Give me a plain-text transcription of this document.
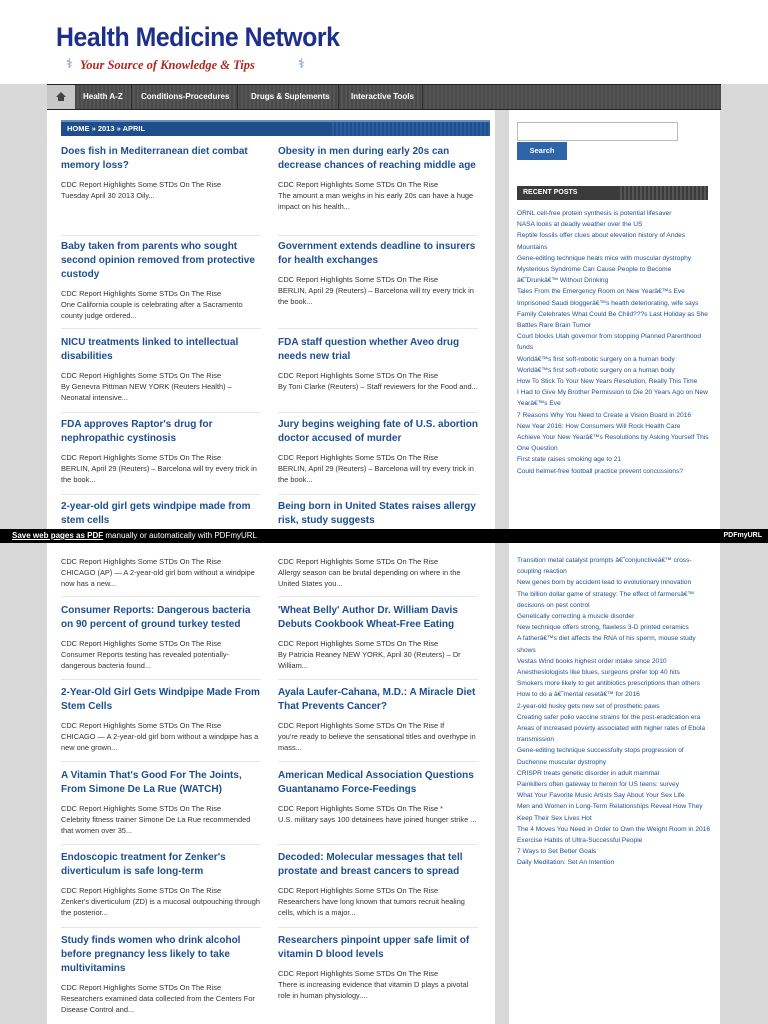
Health Medicine Network
⚕ Your Source of Knowledge & Tips	⚕
Health A-Z	Conditions-Procedures	Drugs & Suplements	Interactive Tools
HOME » 2013 » APRIL
Does fish in Mediterranean diet combat memory loss?
CDC Report Highlights Some STDs On The Rise
Tuesday April 30 2013 Oily...
Obesity in men during early 20s can decrease chances of reaching middle age
CDC Report Highlights Some STDs On The Rise
The amount a man weighs in his early 20s can have a huge impact on his health...
Baby taken from parents who sought second opinion removed from protective custody
CDC Report Highlights Some STDs On The Rise
One California couple is celebrating after a Sacramento county judge ordered...
Government extends deadline to insurers for health exchanges
CDC Report Highlights Some STDs On The Rise
BERLIN, April 29 (Reuters) – Barcelona will try every trick in the book...
NICU treatments linked to intellectual disabilities
CDC Report Highlights Some STDs On The Rise
By Genevra Pittman NEW YORK (Reuters Health) – Neonatal intensive...
FDA staff question whether Aveo drug needs new trial
CDC Report Highlights Some STDs On The Rise
By Toni Clarke (Reuters) – Staff reviewers for the Food and...
FDA approves Raptor's drug for nephropathic cystinosis
CDC Report Highlights Some STDs On The Rise
BERLIN, April 29 (Reuters) – Barcelona will try every trick in the book...
Jury begins weighing fate of U.S. abortion doctor accused of murder
CDC Report Highlights Some STDs On The Rise
BERLIN, April 29 (Reuters) – Barcelona will try every trick in the book...
2-year-old girl gets windpipe made from stem cells
Being born in United States raises allergy risk, study suggests
CDC Report Highlights Some STDs On The Rise
CHICAGO (AP) — A 2-year-old girl born without a windpipe now has a new...
CDC Report Highlights Some STDs On The Rise
Allergy season can be brutal depending on where in the United States you...
Consumer Reports: Dangerous bacteria on 90 percent of ground turkey tested
CDC Report Highlights Some STDs On The Rise
Consumer Reports testing has revealed potentially-dangerous bacteria found...
'Wheat Belly' Author Dr. William Davis Debuts Cookbook Wheat-Free Eating
CDC Report Highlights Some STDs On The Rise
By Patricia Reaney NEW YORK, April 30 (Reuters) – Dr William...
2-Year-Old Girl Gets Windpipe Made From Stem Cells
CDC Report Highlights Some STDs On The Rise
CHICAGO — A 2-year-old girl born without a windpipe has a new one grown...
Ayala Laufer-Cahana, M.D.: A Miracle Diet That Prevents Cancer?
CDC Report Highlights Some STDs On The Rise If
you're ready to believe the sensational titles and overhype in mass...
A Vitamin That's Good For The Joints, From Simone De La Rue (WATCH)
CDC Report Highlights Some STDs On The Rise
Celebrity fitness trainer Simone De La Rue recommended that women over 35...
American Medical Association Questions Guantanamo Force-Feedings
CDC Report Highlights Some STDs On The Rise *
U.S. military says 100 detainees have joined hunger strike ...
Endoscopic treatment for Zenker's diverticulum is safe long-term
CDC Report Highlights Some STDs On The Rise
Zenker's diverticulum (ZD) is a mucosal outpouching through the posterior...
Decoded: Molecular messages that tell prostate and breast cancers to spread
CDC Report Highlights Some STDs On The Rise
Researchers have long known that tumors recruit healing cells, which is a major...
Study finds women who drink alcohol before pregnancy less likely to take multivitamins
CDC Report Highlights Some STDs On The Rise
Researchers examined data collected from the Centers For Disease Control and...
Researchers pinpoint upper safe limit of vitamin D blood levels
CDC Report Highlights Some STDs On The Rise
There is increasing evidence that vitamin D plays a pivotal role in human physiology....
Search
RECENT POSTS
ORNL cell-free protein synthesis is potential lifesaver
NASA looks at deadly weather over the US
Reptile fossils offer clues about elevation history of Andes Mountains
Gene-editing technique heals mice with muscular dystrophy
Mysterious Syndrome Can Cause People to Become â€˜Drunkâ€™ Without Drinking
Tales From the Emergency Room on New Yearâ€™s Eve
Imprisoned Saudi bloggerâ€™s health deteriorating, wife says
Family Celebrates What Could Be Child???s Last Holiday as She Battles Rare Brain Tumor
Court blocks Utah governor from stopping Planned Parenthood funds
Worldâ€™s first soft-robotic surgery on a human body
Worldâ€™s first soft-robotic surgery on a human body
How To Stick To Your New Years Resolution, Really This Time
I Had to Give My Brother Permission to Die 20 Years Ago on New Yearâ€™s Eve
7 Reasons Why You Need to Create a Vision Board in 2016
New Year 2016: How Consumers Will Rock Health Care
Achieve Your New Yearâ€™s Resolutions by Asking Yourself This One Question
First state raises smoking age to 21
Could helmet-free football practice prevent concussions?
Transition metal catalyst prompts â€˜conjunctiveâ€™ cross-coupling reaction
New genes born by accident lead to evolutionary innovation
The billion dollar game of strategy: The effect of farmersâ€™ decisions on pest control
Genetically correcting a muscle disorder
New technique offers strong, flawless 3-D printed ceramics
A fatherâ€™s diet affects the RNA of his sperm, mouse study shows
Vestas Wind books highest order intake since 2010
Anesthesiologists like blues, surgeons prefer top 40 hits
Smokers more likely to get antibiotics prescriptions than others
How to do a â€˜mental resetâ€™ for 2016
2-year-old husky gets new set of prosthetic paws
Creating safer polio vaccine strains for the post-eradication era
Areas of increased poverty associated with higher rates of Ebola transmission
Gene-editing technique successfully stops progression of Duchenne muscular dystrophy
CRISPR treats genetic disorder in adult mammal
Painkillers often gateway to heroin for US teens: survey
What Your Favorite Music Artists Say About Your Sex Life
Men and Women in Long-Term Relationships Reveal How They Keep Their Sex Lives Hot
The 4 Moves You Need in Order to Own the Weight Room in 2016
Exercise Habits of Ultra-Successful People
7 Ways to Set Better Goals
Daily Meditation: Set An Intention
Save web pages as PDF manually or automatically with PDFmyURL	PDFmyURL
